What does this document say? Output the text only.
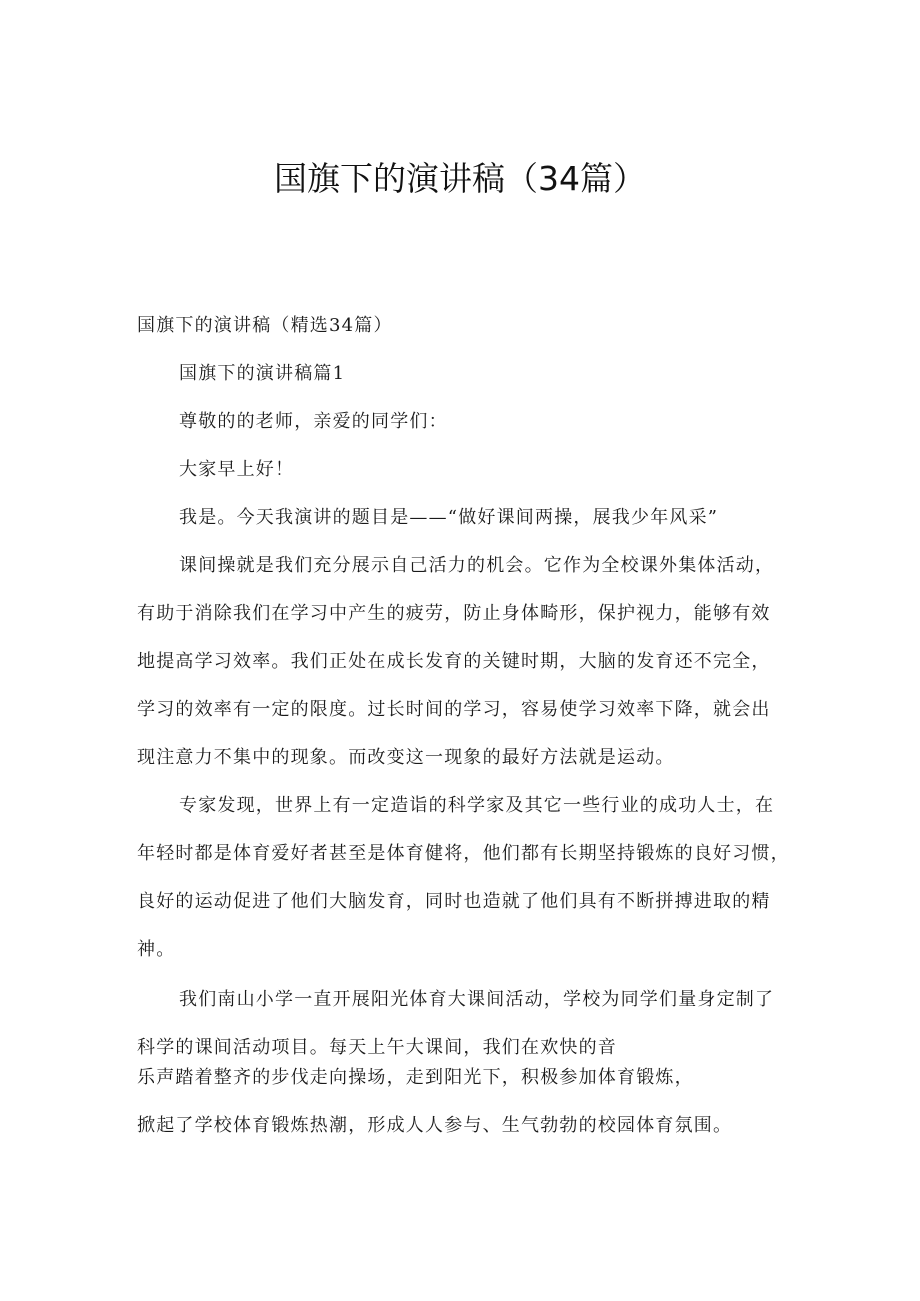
国旗下的演讲稿（34篇）

国旗下的演讲稿（精选34篇）

国旗下的演讲稿篇1

尊敬的的老师，亲爱的同学们：

大家早上好！

我是。今天我演讲的题目是——“做好课间两操，展我少年风采”

课间操就是我们充分展示自己活力的机会。它作为全校课外集体活动，

有助于消除我们在学习中产生的疲劳，防止身体畸形，保护视力，能够有效

地提高学习效率。我们正处在成长发育的关键时期，大脑的发育还不完全，

学习的效率有一定的限度。过长时间的学习，容易使学习效率下降，就会出

现注意力不集中的现象。而改变这一现象的最好方法就是运动。

专家发现，世界上有一定造诣的科学家及其它一些行业的成功人士，在

年轻时都是体育爱好者甚至是体育健将，他们都有长期坚持锻炼的良好习惯，

良好的运动促进了他们大脑发育，同时也造就了他们具有不断拼搏进取的精

神。

我们南山小学一直开展阳光体育大课间活动，学校为同学们量身定制了

科学的课间活动项目。每天上午大课间，我们在欢快的音

乐声踏着整齐的步伐走向操场，走到阳光下，积极参加体育锻炼，

掀起了学校体育锻炼热潮，形成人人参与、生气勃勃的校园体育氛围。
